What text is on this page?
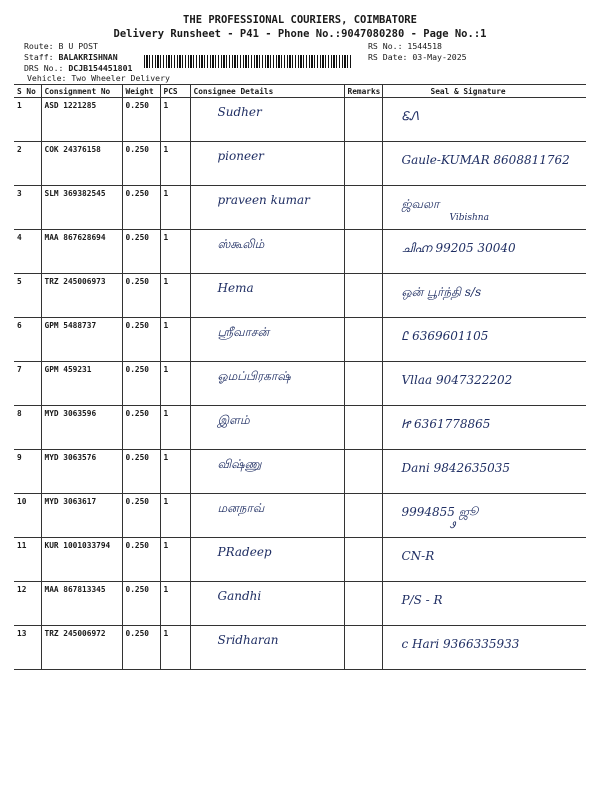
THE PROFESSIONAL COURIERS, COIMBATORE
Delivery Runsheet - P41 - Phone No.:9047080280 - Page No.:1
Route: B U POST
Staff: BALAKRISHNAN
DRS No.: DCJB154451801
Vehicle: Two Wheeler Delivery
RS No.: 1544518
RS Date: 03-May-2025
S No	Consignment No	Weight	PCS	Consignee Details	Remarks	Seal & Signature
1	ASD 1221285	0.250	1	Sudher		ᏋᏁ

2	COK 24376158	0.250	1	pioneer		Gaule-KUMAR 8608811762

3	SLM 369382545	0.250	1	praveen kumar		ஜ்வலா
Vibishna

4	MAA 867628694	0.250	1	ஸ்கூலிம்		ചിഹ്ന 99205 30040

5	TRZ 245006973	0.250	1	Hema		ஒன் பூர்ந்தி s/s

6	GPM 5488737	0.250	1	ஸ்ரீவாசன்		Ꮭ 6369601105

7	GPM 459231	0.250	1	ஓமப்பிரகாஷ்		Vllaa 9047322202

8	MYD 3063596	0.250	1	இளம்		Ꮵ 6361778865

9	MYD 3063576	0.250	1	விஷ்ணு		Dani 9842635035

10	MYD 3063617	0.250	1	மனநாவ்		9994855 ஜூ
Ꮽ

11	KUR 1001033794	0.250	1	PRadeep		CN-R

12	MAA 867813345	0.250	1	Gandhi		P/S - R

13	TRZ 245006972	0.250	1	Sridharan		c Hari 9366335933
